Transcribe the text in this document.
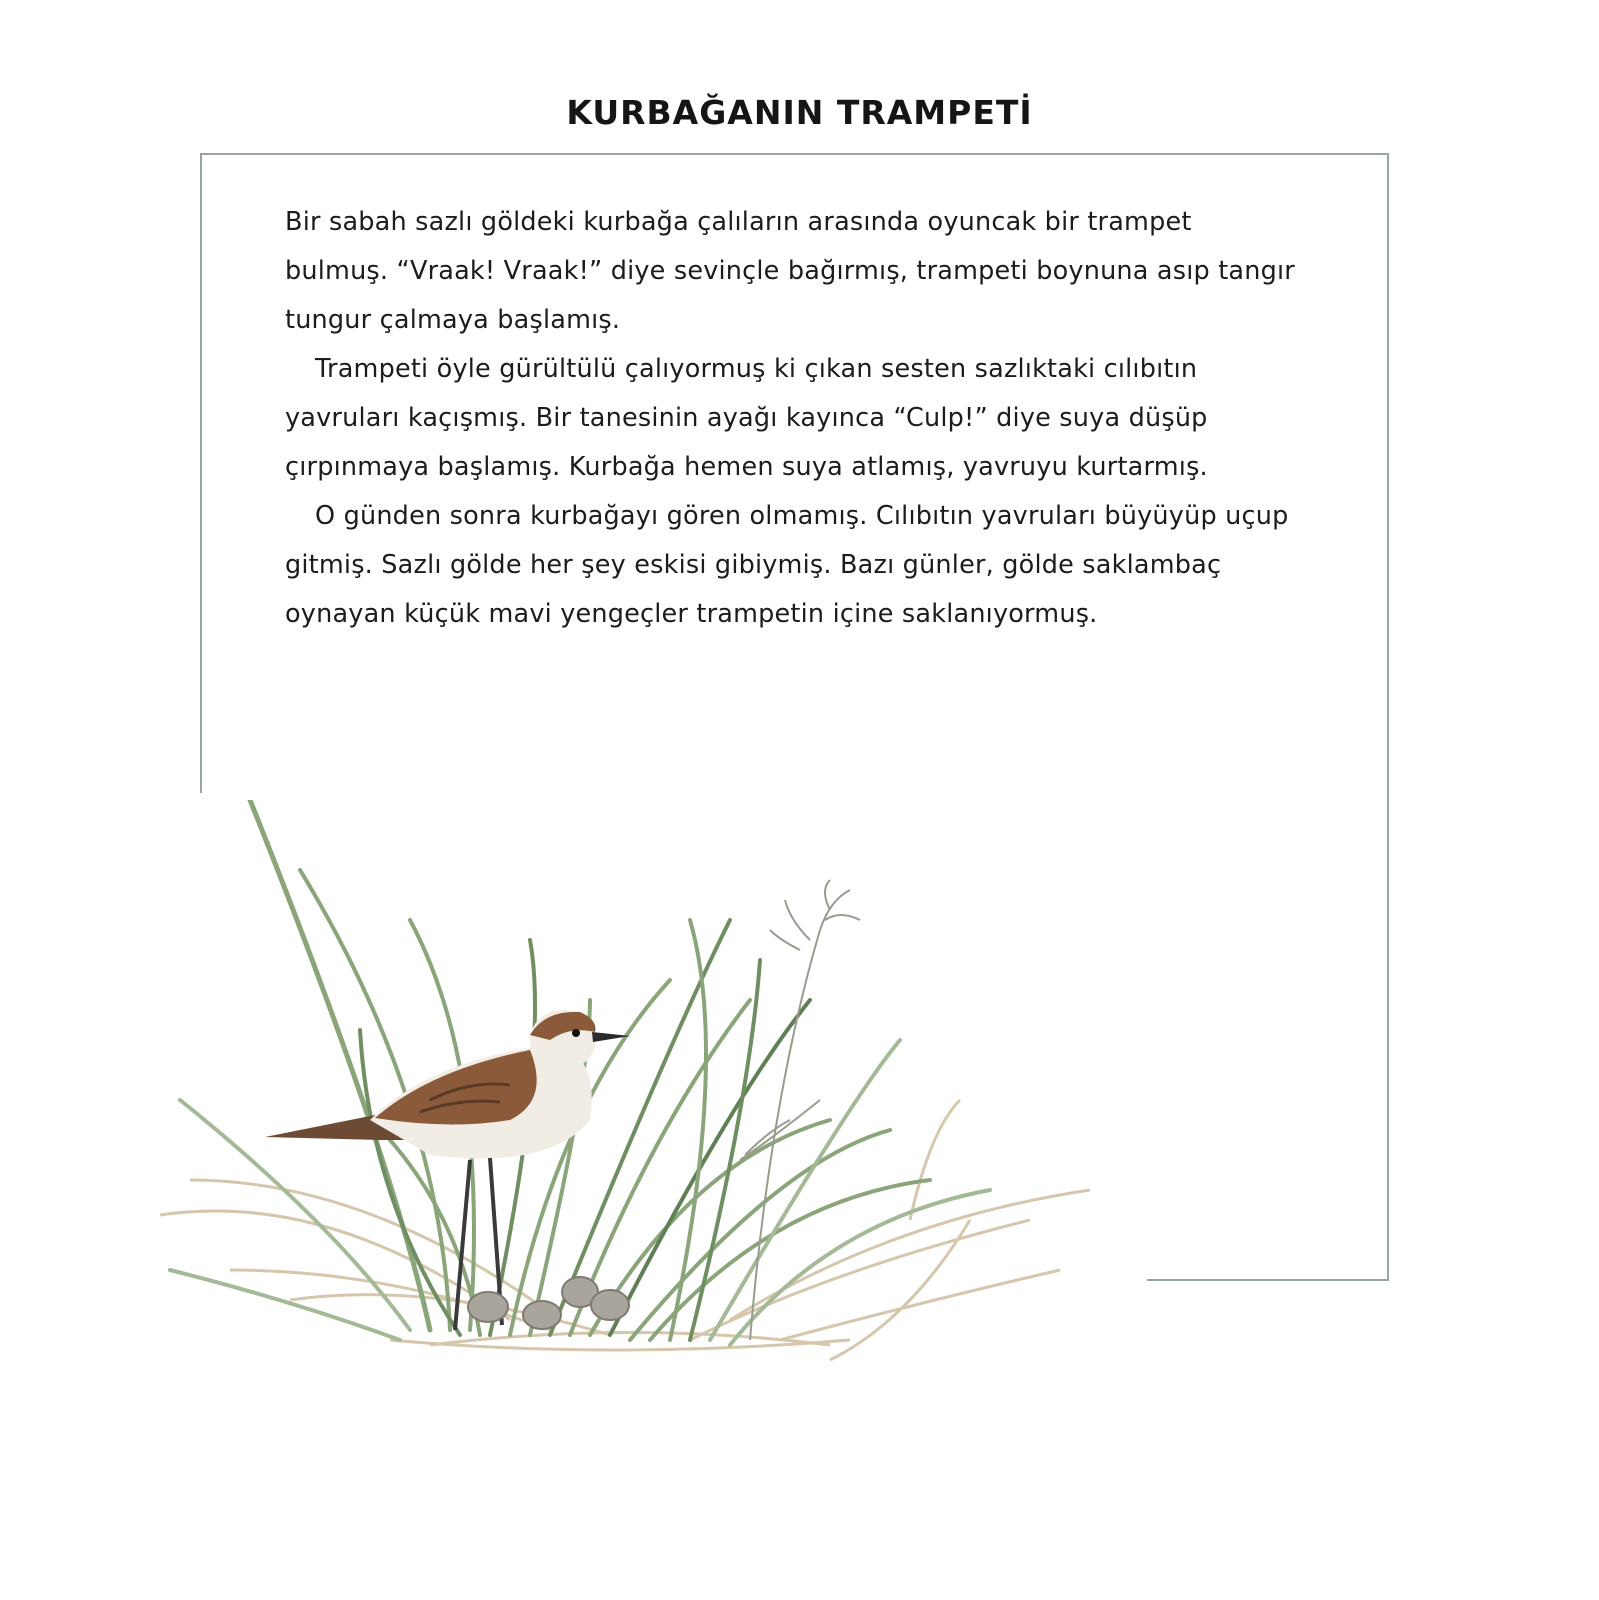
KURBAĞANIN TRAMPETİ

Bir sabah sazlı göldeki kurbağa çalıların arasında oyuncak bir trampet bulmuş. “Vraak! Vraak!” diye sevinçle bağırmış, trampeti boynuna asıp tangır tungur çalmaya başlamış.

Trampeti öyle gürültülü çalıyormuş ki çıkan sesten sazlıktaki cılıbıtın yavruları kaçışmış. Bir tanesinin ayağı kayınca “Culp!” diye suya düşüp çırpınmaya başlamış. Kurbağa hemen suya atlamış, yavruyu kurtarmış.

O günden sonra kurbağayı gören olmamış. Cılıbıtın yavruları büyüyüp uçup gitmiş. Sazlı gölde her şey eskisi gibiymiş. Bazı günler, gölde saklambaç oynayan küçük mavi yengeçler trampetin içine saklanıyormuş.
